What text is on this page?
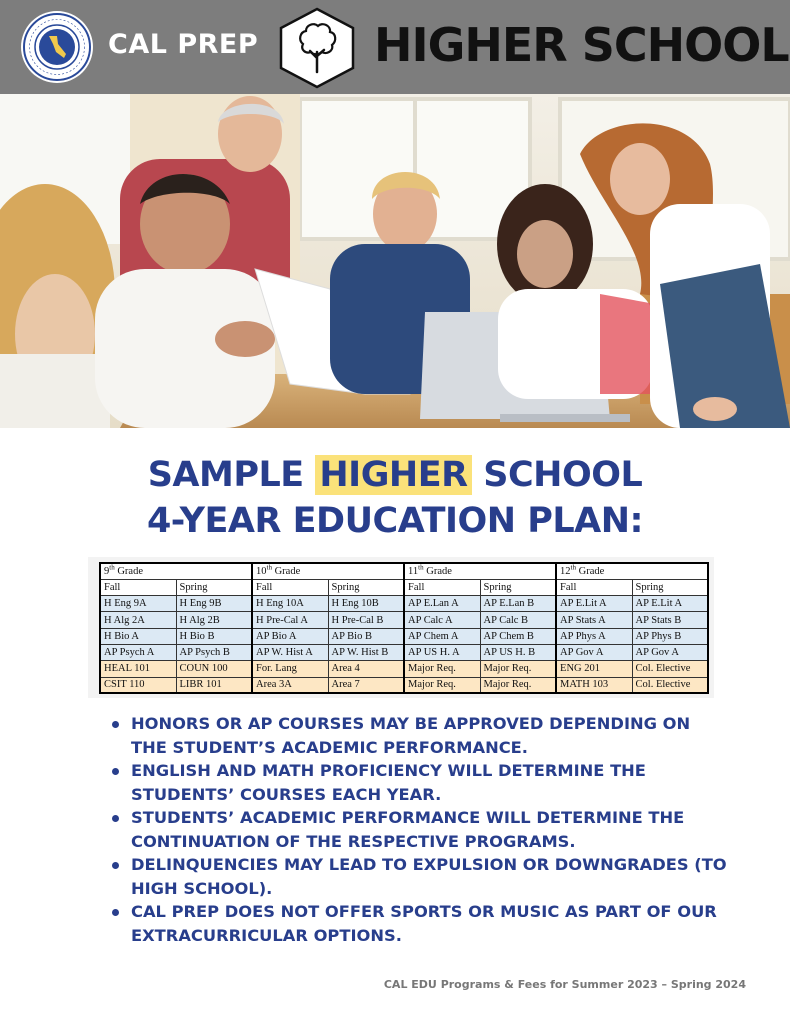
CAL PREP	HIGHER SCHOOL
SAMPLE HIGHER SCHOOL
4-YEAR EDUCATION PLAN:
9th Grade		10th Grade		11th Grade		12th Grade	
Fall	Spring	Fall	Spring	Fall	Spring	Fall	Spring
H Eng 9A	H Eng 9B	H Eng 10A	H Eng 10B	AP E.Lan A	AP E.Lan B	AP E.Lit A	AP E.Lit A
H Alg 2A	H Alg 2B	H Pre-Cal A	H Pre-Cal B	AP Calc A	AP Calc B	AP Stats A	AP Stats B
H Bio A	H Bio B	AP Bio A	AP Bio B	AP Chem A	AP Chem B	AP Phys A	AP Phys B
AP Psych A	AP Psych B	AP W. Hist A	AP W. Hist B	AP US H. A	AP US H. B	AP Gov A	AP Gov A
HEAL 101	COUN 100	For. Lang	Area 4	Major Req.	Major Req.	ENG 201	Col. Elective
CSIT 110	LIBR 101	Area 3A	Area 7	Major Req.	Major Req.	MATH 103	Col. Elective
HONORS OR AP COURSES MAY BE APPROVED DEPENDING ON THE STUDENT’S ACADEMIC PERFORMANCE.
ENGLISH AND MATH PROFICIENCY WILL DETERMINE THE STUDENTS’ COURSES EACH YEAR.
STUDENTS’ ACADEMIC PERFORMANCE WILL DETERMINE THE CONTINUATION OF THE RESPECTIVE PROGRAMS.
DELINQUENCIES MAY LEAD TO EXPULSION OR DOWNGRADES (TO HIGH SCHOOL).
CAL PREP DOES NOT OFFER SPORTS OR MUSIC AS PART OF OUR EXTRACURRICULAR OPTIONS.
CAL EDU Programs & Fees for Summer 2023 – Spring 2024
